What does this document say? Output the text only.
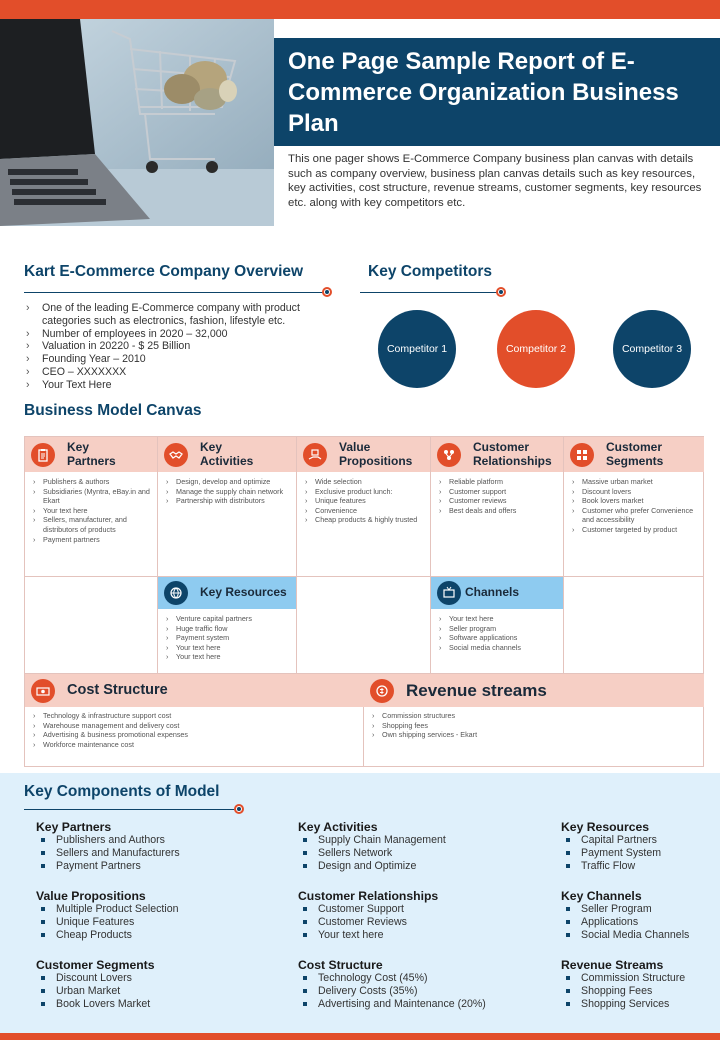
One Page Sample Report of E-Commerce Organization Business Plan

This one pager shows E-Commerce Company business plan canvas with details such as company overview, business plan canvas details such as key resources, key activities, cost structure, revenue streams, customer segments, key resources etc. along with key competitors etc.

Kart E-Commerce Company Overview
› One of the leading E-Commerce company with product categories such as electronics, fashion, lifestyle etc.
› Number of employees in 2020 – 32,000
› Valuation in 20220 - $ 25 Billion
› Founding Year – 2010
› CEO – XXXXXXX
› Your Text Here
Key Competitors
Competitor 1	Competitor 2	Competitor 3
Business Model Canvas
Key Partners
› Publishers & authors
› Subsidiaries (Myntra, eBay.in and Ekart
› Your text here
› Sellers, manufacturer, and distributors of products
› Payment partners
Key Activities
› Design, develop and optimize
› Manage the supply chain network
› Partnership with distributors
Value Propositions
› Wide selection
› Exclusive product lunch:
› Unique features
› Convenience
› Cheap products & highly trusted
Customer Relationships
› Reliable platform
› Customer support
› Customer reviews
› Best deals and offers
Customer Segments
› Massive urban market
› Discount lovers
› Book lovers market
› Customer who prefer Convenience and accessibility
› Customer targeted by product
Key Resources
› Venture capital partners
› Huge traffic flow
› Payment system
› Your text here
› Your text here
Channels
› Your text here
› Seller program
› Software applications
› Social media channels
Cost Structure
› Technology & infrastructure support cost
› Warehouse management and delivery cost
› Advertising & business promotional expenses
› Workforce maintenance cost
Revenue streams
› Commission structures
› Shopping fees
› Own shipping services - Ekart
Key Components of Model
Key Partners
Publishers and Authors
Sellers and Manufacturers
Payment Partners
Key Activities
Supply Chain Management
Sellers Network
Design and Optimize
Key Resources
Capital Partners
Payment System
Traffic Flow
Value Propositions
Multiple Product Selection
Unique Features
Cheap Products
Customer Relationships
Customer Support
Customer Reviews
Your text here
Key Channels
Seller Program
Applications
Social Media Channels
Customer Segments
Discount Lovers
Urban Market
Book Lovers Market
Cost Structure
Technology Cost (45%)
Delivery Costs (35%)
Advertising and Maintenance (20%)
Revenue Streams
Commission Structure
Shopping Fees
Shopping Services
